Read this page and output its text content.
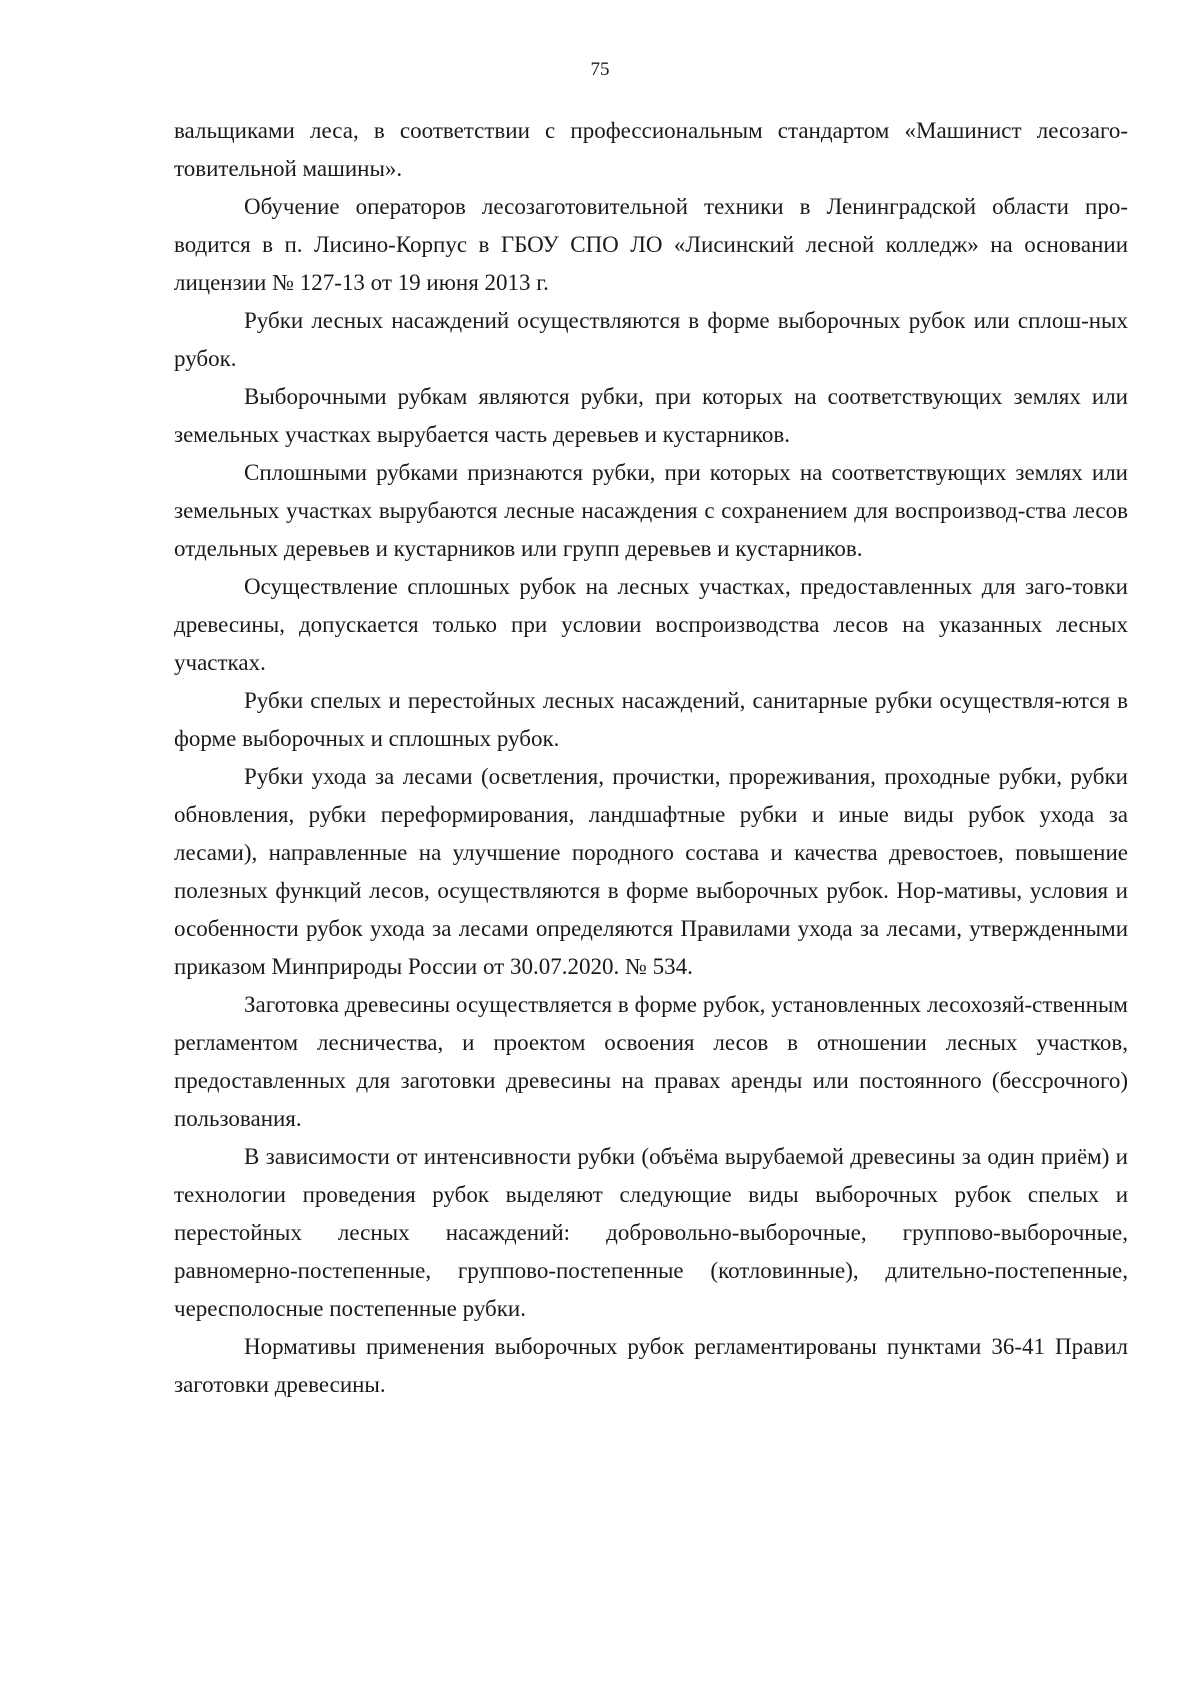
75

вальщиками леса, в соответствии с профессиональным стандартом «Машинист лесозаго-товительной машины».

Обучение операторов лесозаготовительной техники в Ленинградской области про-водится в п. Лисино-Корпус в ГБОУ СПО ЛО «Лисинский лесной колледж» на основании лицензии № 127-13 от 19 июня 2013 г.

Рубки лесных насаждений осуществляются в форме выборочных рубок или сплош-ных рубок.

Выборочными рубкам являются рубки, при которых на соответствующих землях или земельных участках вырубается часть деревьев и кустарников.

Сплошными рубками признаются рубки, при которых на соответствующих землях или земельных участках вырубаются лесные насаждения с сохранением для воспроизвод-ства лесов отдельных деревьев и кустарников или групп деревьев и кустарников.

Осуществление сплошных рубок на лесных участках, предоставленных для заго-товки древесины, допускается только при условии воспроизводства лесов на указанных лесных участках.

Рубки спелых и перестойных лесных насаждений, санитарные рубки осуществля-ются в форме выборочных и сплошных рубок.

Рубки ухода за лесами (осветления, прочистки, прореживания, проходные рубки, рубки обновления, рубки переформирования, ландшафтные рубки и иные виды рубок ухода за лесами), направленные на улучшение породного состава и качества древостоев, повышение полезных функций лесов, осуществляются в форме выборочных рубок. Нор-мативы, условия и особенности рубок ухода за лесами определяются Правилами ухода за лесами, утвержденными приказом Минприроды России от 30.07.2020. № 534.

Заготовка древесины осуществляется в форме рубок, установленных лесохозяй-ственным регламентом лесничества, и проектом освоения лесов в отношении лесных участков, предоставленных для заготовки древесины на правах аренды или постоянного (бессрочного) пользования.

В зависимости от интенсивности рубки (объёма вырубаемой древесины за один приём) и технологии проведения рубок выделяют следующие виды выборочных рубок спелых и перестойных лесных насаждений: добровольно-выборочные, группово-выборочные, равномерно-постепенные, группово-постепенные (котловинные), длительно-постепенные, чересполосные постепенные рубки.

Нормативы применения выборочных рубок регламентированы пунктами 36-41 Правил заготовки древесины.
